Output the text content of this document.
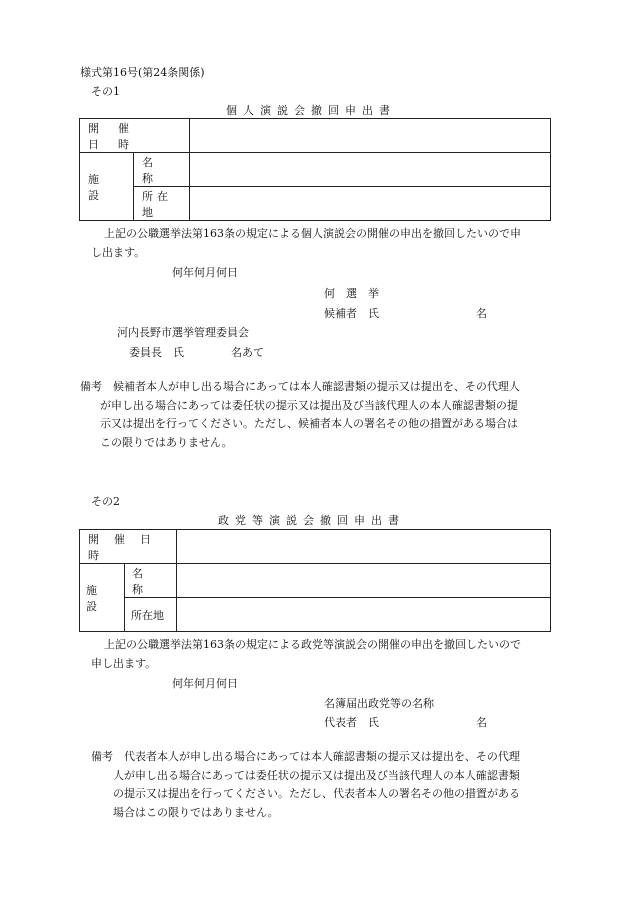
様式第16号(第24条関係)
その1
個人演説会撤回申出書
開催日時		

施設	名称	

	所在地	

上記の公職選挙法第163条の規定による個人演説会の開催の申出を撤回したいので申
し出ます。
何年何月何日
何　選　挙
候補者　氏	名
河内長野市選挙管理委員会
委員長　氏	名あて
備考　 候補者本人が申し出る場合にあっては本人確認書類の提示又は提出を、その代理人
が申し出る場合にあっては委任状の提示又は提出及び当該代理人の本人確認書類の提
示又は提出を行ってください。ただし、候補者本人の署名その他の措置がある場合は
この限りではありません。
その2
政党等演説会撤回申出書
開催日時		

施設	名称	

	所在地	

上記の公職選挙法第163条の規定による政党等演説会の開催の申出を撤回したいので
申し出ます。
何年何月何日
名簿届出政党等の名称
代表者　氏	名
備考　 代表者本人が申し出る場合にあっては本人確認書類の提示又は提出を、その代理
人が申し出る場合にあっては委任状の提示又は提出及び当該代理人の本人確認書類
の提示又は提出を行ってください。ただし、代表者本人の署名その他の措置がある
場合はこの限りではありません。
